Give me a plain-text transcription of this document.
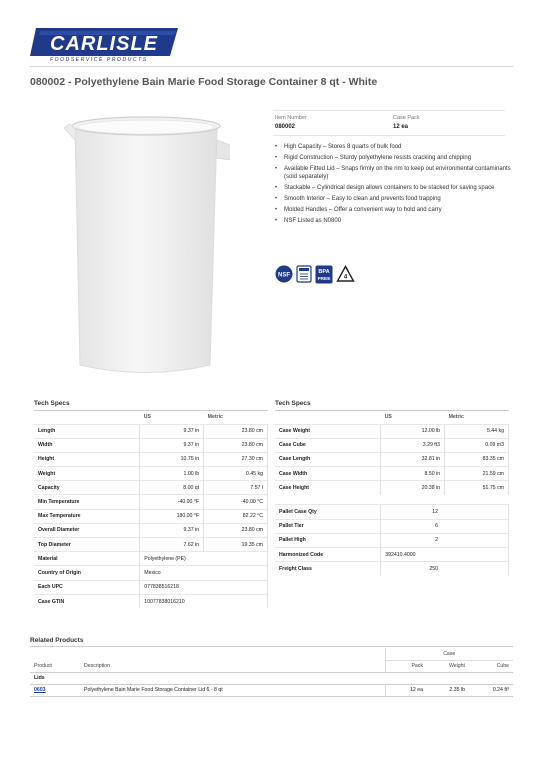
CARLISLE
FOODSERVICE PRODUCTS
080002 - Polyethylene Bain Marie Food Storage Container 8 qt - White
Item Number
080002
Case Pack
12 ea
• High Capacity – Stores 8 quarts of bulk food
• Rigid Construction – Sturdy polyethylene resists cracking and chipping
• Available Fitted Lid – Snaps firmly on the rim to keep out environmental contaminants (sold separately)
• Stackable – Cylindrical design allows containers to be stacked for saving space
• Smooth Interior – Easy to clean and prevents food trapping
• Molded Handles – Offer a convenient way to hold and carry
• NSF Listed as N0800
NSF
BPA
FREE 4
Tech Specs
	US	Metric
Length	9.37 in	23.80 cm
Width	9.37 in	23.80 cm
Height	10.75 in	27.30 cm
Weight	1.00 lb	0.45 kg
Capacity	8.00 qt	7.57 l
Min Temperature	-40.00 °F	-40.00 °C
Max Temperature	180.00 °F	82.22 °C
Overall Diameter	9.37 in	23.80 cm
Top Diameter	7.62 in	19.35 cm
Material	Polyethylene (PE)	
Country of Origin	Mexico	
Each UPC	077838516218	
Case GTIN	10077838016210	
Tech Specs
	US	Metric
Case Weight	12.00 lb	5.44 kg
Case Cube	3.29 ft3	0.09 m3
Case Length	32.81 in	83.35 cm
Case Width	8.50 in	21.59 cm
Case Height	20.38 in	51.75 cm

Pallet Case Qty	12	
Pallet Tier	6	
Pallet High	2	
Harmonized Code	392410.4000	
Freight Class	250	
Related Products
		Case		
Product	Description	Pack	Weight	Cube
Lids				
0603	Polyethylene Bain Marie Food Storage Container Lid 6 - 8 qt	12 ea	2.35 lb	0.24 ft³
